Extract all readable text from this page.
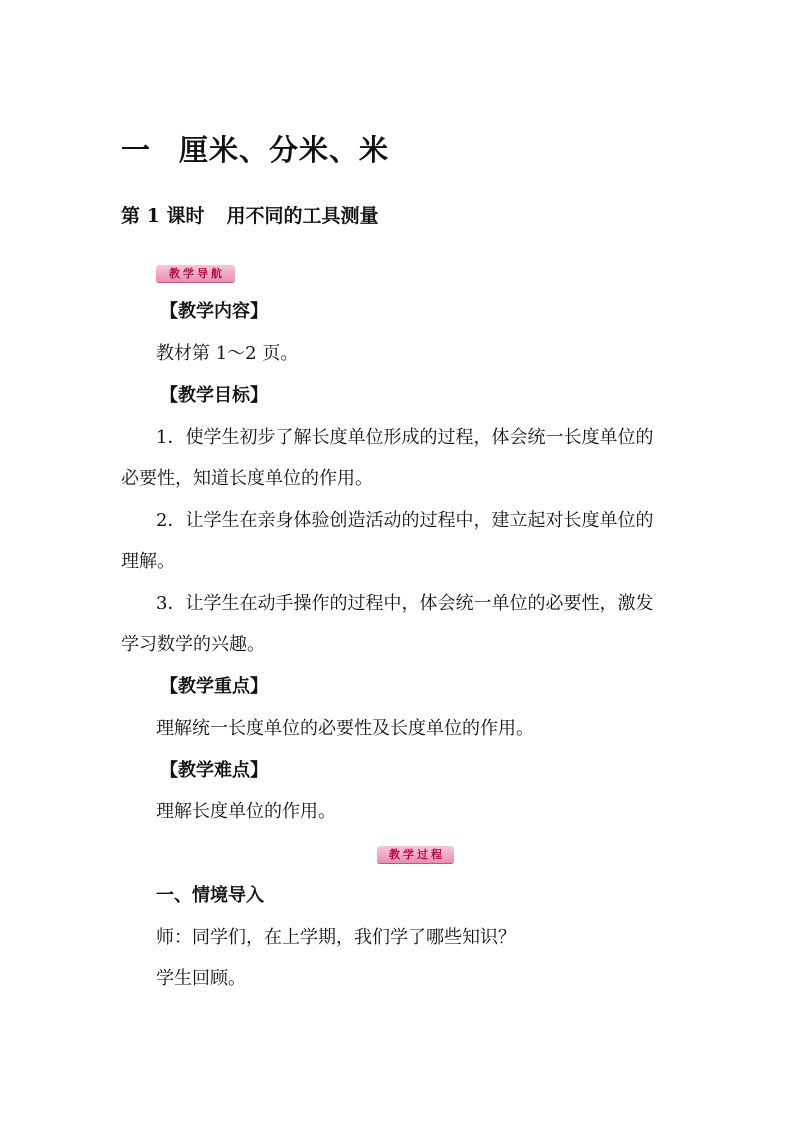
一 厘米、分米、米
第 1 课时 用不同的工具测量
教学导航

【教学内容】

教材第 1～2 页。

【教学目标】

1．使学生初步了解长度单位形成的过程，体会统一长度单位的

必要性，知道长度单位的作用。

2．让学生在亲身体验创造活动的过程中，建立起对长度单位的

理解。

3．让学生在动手操作的过程中，体会统一单位的必要性，激发

学习数学的兴趣。

【教学重点】

理解统一长度单位的必要性及长度单位的作用。

【教学难点】

理解长度单位的作用。

教学过程

一、情境导入

师：同学们，在上学期，我们学了哪些知识？

学生回顾。
